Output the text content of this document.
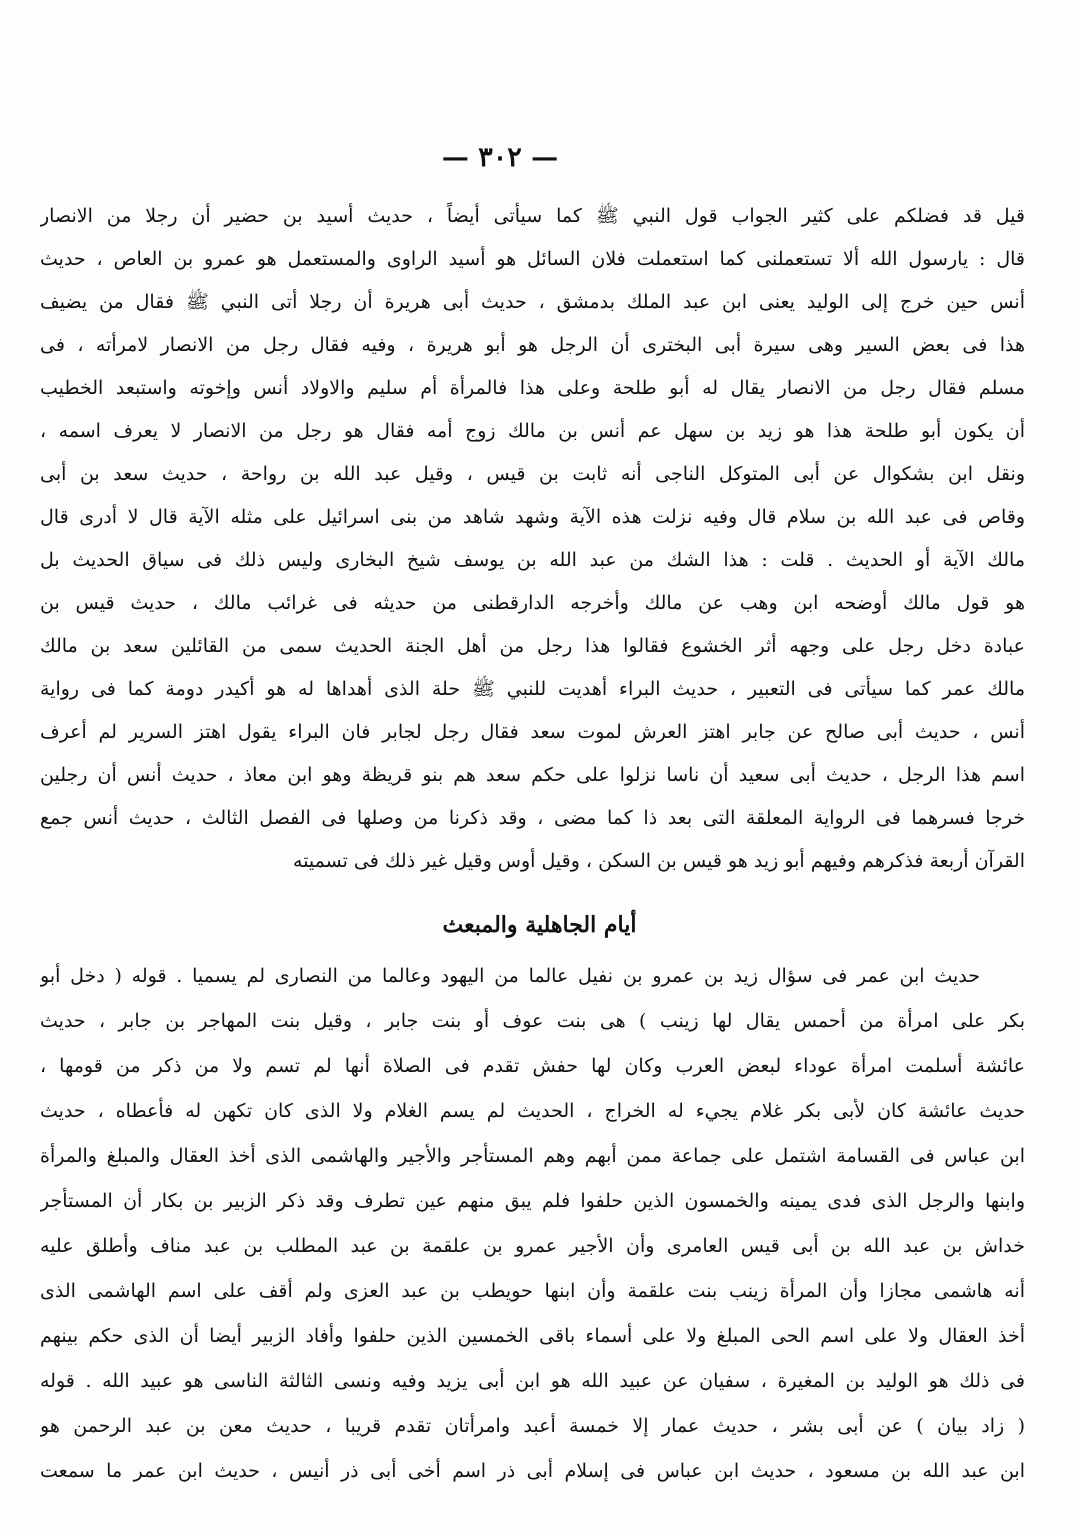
— ٣٠٢ —
قيل قد فضلكم على كثير الجواب قول النبي ﷺ كما سيأتى أيضاً ، حديث أسيد بن حضير أن رجلا من الانصار
قال : يارسول الله ألا تستعملنى كما استعملت فلان السائل هو أسيد الراوى والمستعمل هو عمرو بن العاص ، حديث
أنس حين خرج إلى الوليد يعنى ابن عبد الملك بدمشق ، حديث أبى هريرة أن رجلا أتى النبي ﷺ فقال من يضيف
هذا فى بعض السير وهى سيرة أبى البخترى أن الرجل هو أبو هريرة ، وفيه فقال رجل من الانصار لامرأته ، فى
مسلم فقال رجل من الانصار يقال له أبو طلحة وعلى هذا فالمرأة أم سليم والاولاد أنس وإخوته واستبعد الخطيب
أن يكون أبو طلحة هذا هو زيد بن سهل عم أنس بن مالك زوج أمه فقال هو رجل من الانصار لا يعرف اسمه ،
ونقل ابن بشكوال عن أبى المتوكل الناجى أنه ثابت بن قيس ، وقيل عبد الله بن رواحة ، حديث سعد بن أبى
وقاص فى عبد الله بن سلام قال وفيه نزلت هذه الآية وشهد شاهد من بنى اسرائيل على مثله الآية قال لا أدرى قال
مالك الآية أو الحديث . قلت : هذا الشك من عبد الله بن يوسف شيخ البخارى وليس ذلك فى سياق الحديث بل
هو قول مالك أوضحه ابن وهب عن مالك وأخرجه الدارقطنى من حديثه فى غرائب مالك ، حديث قيس بن
عبادة دخل رجل على وجهه أثر الخشوع فقالوا هذا رجل من أهل الجنة الحديث سمى من القائلين سعد بن مالك
مالك عمر كما سيأتى فى التعبير ، حديث البراء أهديت للنبي ﷺ حلة الذى أهداها له هو أكيدر دومة كما فى رواية
أنس ، حديث أبى صالح عن جابر اهتز العرش لموت سعد فقال رجل لجابر فان البراء يقول اهتز السرير لم أعرف
اسم هذا الرجل ، حديث أبى سعيد أن ناسا نزلوا على حكم سعد هم بنو قريظة وهو ابن معاذ ، حديث أنس أن رجلين
خرجا فسرهما فى الرواية المعلقة التى بعد ذا كما مضى ، وقد ذكرنا من وصلها فى الفصل الثالث ، حديث أنس جمع
القرآن أربعة فذكرهم وفيهم أبو زيد هو قيس بن السكن ، وقيل أوس وقيل غير ذلك فى تسميته
أيام الجاهلية والمبعث
حديث ابن عمر فى سؤال زيد بن عمرو بن نفيل عالما من اليهود وعالما من النصارى لم يسميا . قوله ( دخل أبو
بكر على امرأة من أحمس يقال لها زينب ) هى بنت عوف أو بنت جابر ، وقيل بنت المهاجر بن جابر ، حديث
عائشة أسلمت امرأة عوداء لبعض العرب وكان لها حفش تقدم فى الصلاة أنها لم تسم ولا من ذكر من قومها ،
حديث عائشة كان لأبى بكر غلام يجيء له الخراج ، الحديث لم يسم الغلام ولا الذى كان تكهن له فأعطاه ، حديث
ابن عباس فى القسامة اشتمل على جماعة ممن أبهم وهم المستأجر والأجير والهاشمى الذى أخذ العقال والمبلغ والمرأة
وابنها والرجل الذى فدى يمينه والخمسون الذين حلفوا فلم يبق منهم عين تطرف وقد ذكر الزبير بن بكار أن المستأجر
خداش بن عبد الله بن أبى قيس العامرى وأن الأجير عمرو بن علقمة بن عبد المطلب بن عبد مناف وأطلق عليه
أنه هاشمى مجازا وأن المرأة زينب بنت علقمة وأن ابنها حويطب بن عبد العزى ولم أقف على اسم الهاشمى الذى
أخذ العقال ولا على اسم الحى المبلغ ولا على أسماء باقى الخمسين الذين حلفوا وأفاد الزبير أيضا أن الذى حكم بينهم
فى ذلك هو الوليد بن المغيرة ، سفيان عن عبيد الله هو ابن أبى يزيد وفيه ونسى الثالثة الناسى هو عبيد الله . قوله
( زاد بيان ) عن أبى بشر ، حديث عمار إلا خمسة أعبد وامرأتان تقدم قريبا ، حديث معن بن عبد الرحمن هو
ابن عبد الله بن مسعود ، حديث ابن عباس فى إسلام أبى ذر اسم أخى أبى ذر أنيس ، حديث ابن عمر ما سمعت
